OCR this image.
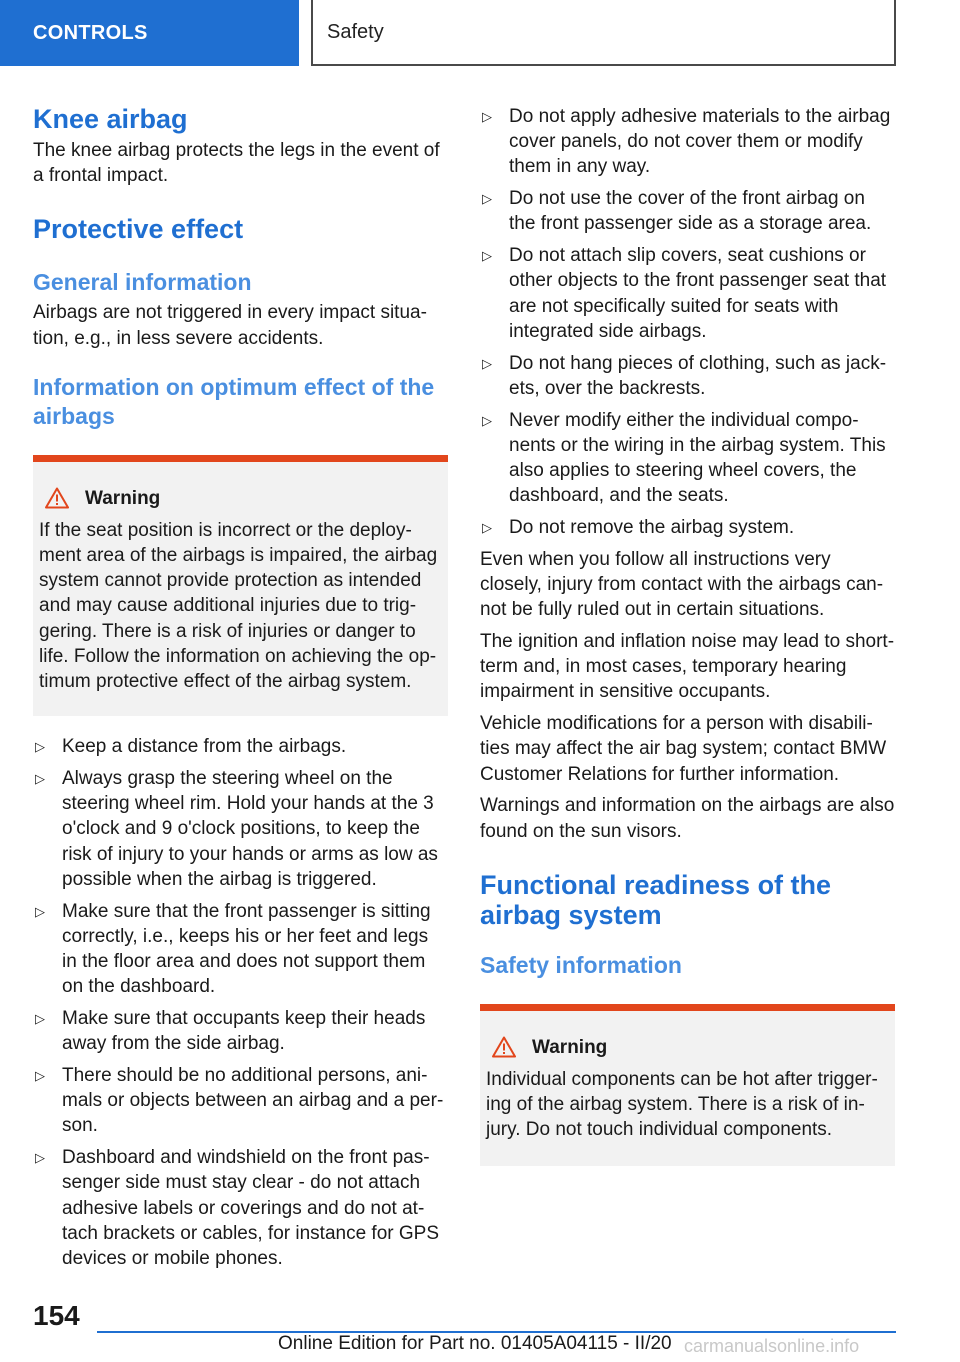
CONTROLS	Safety
Knee airbag
The knee airbag protects the legs in the event of a frontal impact.
Protective effect
General information
Airbags are not triggered in every impact situation, e.g., in less severe accidents.
Information on optimum effect of the airbags
Warning
If the seat position is incorrect or the deployment area of the airbags is impaired, the airbag system cannot provide protection as intended and may cause additional injuries due to triggering. There is a risk of injuries or danger to life. Follow the information on achieving the optimum protective effect of the airbag system.
▷ Keep a distance from the airbags.
▷ Always grasp the steering wheel on the steering wheel rim. Hold your hands at the 3 o'clock and 9 o'clock positions, to keep the risk of injury to your hands or arms as low as possible when the airbag is triggered.
▷ Make sure that the front passenger is sitting correctly, i.e., keeps his or her feet and legs in the floor area and does not support them on the dashboard.
▷ Make sure that occupants keep their heads away from the side airbag.
▷ There should be no additional persons, animals or objects between an airbag and a person.
▷ Dashboard and windshield on the front passenger side must stay clear - do not attach adhesive labels or coverings and do not attach brackets or cables, for instance for GPS devices or mobile phones.
▷ Do not apply adhesive materials to the airbag cover panels, do not cover them or modify them in any way.
▷ Do not use the cover of the front airbag on the front passenger side as a storage area.
▷ Do not attach slip covers, seat cushions or other objects to the front passenger seat that are not specifically suited for seats with integrated side airbags.
▷ Do not hang pieces of clothing, such as jackets, over the backrests.
▷ Never modify either the individual components or the wiring in the airbag system. This also applies to steering wheel covers, the dashboard, and the seats.
▷ Do not remove the airbag system.
Even when you follow all instructions very closely, injury from contact with the airbags cannot be fully ruled out in certain situations.
The ignition and inflation noise may lead to short-term and, in most cases, temporary hearing impairment in sensitive occupants.
Vehicle modifications for a person with disabilities may affect the air bag system; contact BMW Customer Relations for further information.
Warnings and information on the airbags are also found on the sun visors.
Functional readiness of the airbag system
Safety information
Warning
Individual components can be hot after triggering of the airbag system. There is a risk of injury. Do not touch individual components.
154
Online Edition for Part no. 01405A04115 - II/20 carmanualsonline.info
